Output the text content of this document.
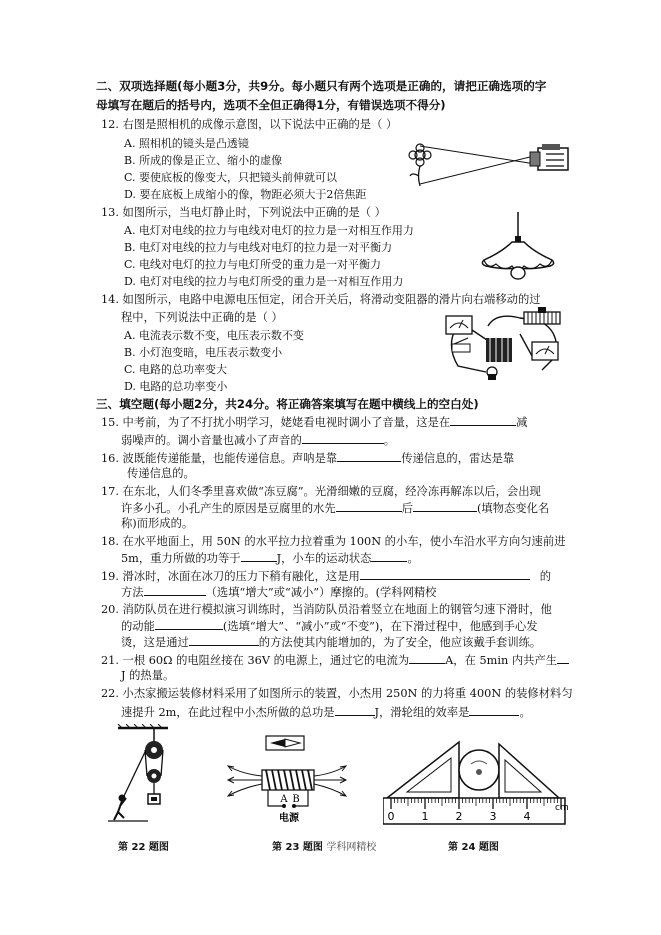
二、双项选择题(每小题3分，共9分。每小题只有两个选项是正确的，请把正确选项的字
母填写在题后的括号内，选项不全但正确得1分，有错误选项不得分)
12. 右图是照相机的成像示意图，以下说法中正确的是（ ）
A. 照相机的镜头是凸透镜
B. 所成的像是正立、缩小的虚像
C. 要使底板的像变大，只把镜头前伸就可以
D. 要在底板上成缩小的像，物距必须大于2倍焦距
13. 如图所示，当电灯静止时，下列说法中正确的是（ ）
A. 电灯对电线的拉力与电线对电灯的拉力是一对相互作用力
B. 电灯对电线的拉力与电线对电灯的拉力是一对平衡力
C. 电线对电灯的拉力与电灯所受的重力是一对平衡力
D. 电灯对电线的拉力与电灯所受的重力是一对相互作用力
14. 如图所示，电路中电源电压恒定，闭合开关后，将滑动变阻器的滑片向右端移动的过
程中，下列说法中正确的是（ ）
A. 电流表示数不变，电压表示数不变
B. 小灯泡变暗，电压表示数变小
C. 电路的总功率变大
D. 电路的总功率变小
三、填空题(每小题2分，共24分。将正确答案填写在题中横线上的空白处)
15. 中考前，为了不打扰小明学习，姥姥看电视时调小了音量，这是在	减
弱噪声的。调小音量也减小了声音的	。
16. 波既能传递能量，也能传递信息。声呐是靠	传递信息的，雷达是靠
传递信息的。
17. 在东北，人们冬季里喜欢做“冻豆腐”。光滑细嫩的豆腐，经冷冻再解冻以后，会出现
许多小孔。小孔产生的原因是豆腐里的水先	后	(填物态变化名
称)而形成的。
18. 在水平地面上，用 50N 的水平拉力拉着重为 100N 的小车，使小车沿水平方向匀速前进
5m，重力所做的功等于	J，小车的运动状态	。
19. 滑冰时，冰面在冰刀的压力下稍有融化，这是用	的
方法	（选填“增大”或“减小”）摩擦的。(学科网精校
20. 消防队员在进行模拟演习训练时，当消防队员沿着竖立在地面上的钢管匀速下滑时，他
的动能	(选填“增大”、“减小”或“不变”)，在下滑过程中，他感到手心发
烫，这是通过	的方法使其内能增加的，为了安全，他应该戴手套训练。
21. 一根 60Ω 的电阻丝接在 36V 的电源上，通过它的电流为	A，在 5min 内共产生
J 的热量。
22. 小杰家搬运装修材料采用了如图所示的装置，小杰用 250N 的力将重 400N 的装修材料匀
速提升 2m，在此过程中小杰所做的总功是	J，滑轮组的效率是	。
A B
电源	0 1 2 3 4
cm
第 22 题图	第 23 题图 学科网精校	第 24 题图
